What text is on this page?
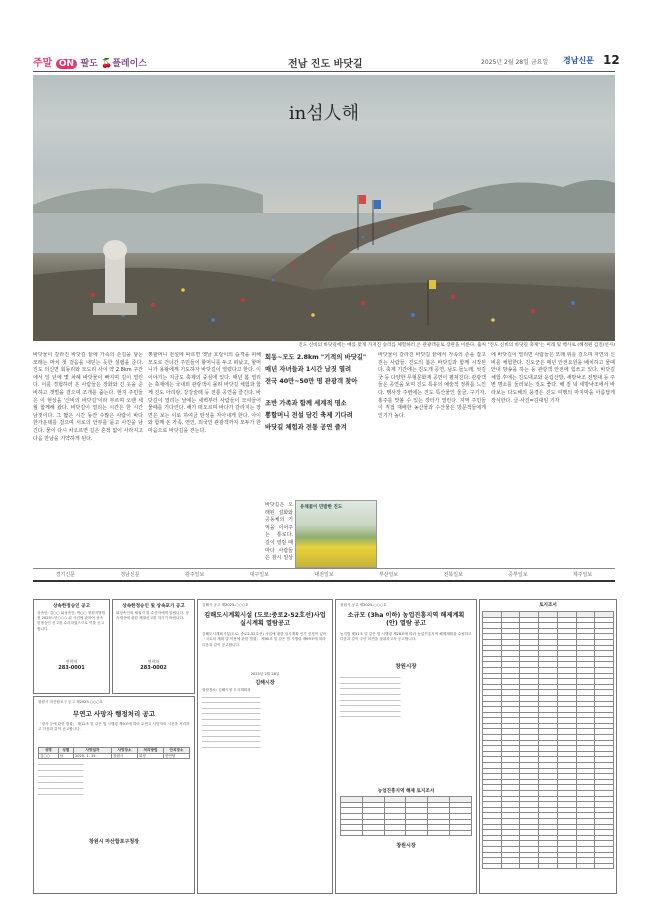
주말 ON 팔도 🍒플레이스	전남 진도 바닷길	2025년 2월 28일 금요일 경남신문 12
in섬人해
진도 신비의 바닷길에는 매를 맞게 가져진 승리를 체험하러 온 관광객들로 장관을 이룬다. 출처 "진도 신비의 바닷길 축제"는 미래 및 행사로 (해정원 김진/선사)

바닷물이 갈라진 바닷길 끝에 가족의 손길을 닿는 모래는 마치 첫 걸음을 내딛는 듯한 설렘을 준다. 진도 의신면 회동리와 모도리 사이 약 2.8km 구간에서 일 년에 몇 차례 바닷물이 빠지며 길이 열린다. 이를 경험하러 온 사람들은 장화와 긴 옷을 준비하고 갯벌을 걸으며 조개를 줍는다. 현지 주민들은 이 현상을 '신비의 바닷길'이라 부르며 오랜 세월 함께해 왔다. 바닷길이 열리는 시간은 한 시간 남짓이다. 그 짧은 시간 동안 수많은 사람이 바다 한가운데를 걸으며 서로의 안부를 묻고 사진을 남긴다. 물이 다시 차오르면 길은 흔적 없이 사라지고 다음 만남을 기약하게 된다.

뽕할머니 전설에 따르면 옛날 호랑이의 습격을 피해 모도로 건너간 주민들이 할머니를 두고 떠났고, 할머니가 용왕에게 기도하자 바닷길이 열렸다고 한다. 이 이야기는 지금도 축제의 중심에 있다. 매년 봄 열리는 축제에는 국내외 관광객이 몰려 바닷길 체험과 함께 진도 아리랑, 강강술래 등 전통 공연을 즐긴다. 바닷길이 열리는 날에는 새벽부터 사람들이 모여들어 물때를 기다린다. 해가 떠오르며 바다가 갈라지는 장면은 보는 이로 하여금 탄성을 자아내게 한다. 아이와 함께 온 가족, 연인, 외국인 관광객까지 모두가 한마음으로 바닷길을 걷는다.

회동~모도 2.8km "기적의 바닷길"
매년 자녀들과 1시간 남짓 열려
전국 40만~50만 명 관광객 찾아
조반 가족과 함께 세계적 명소
뽕할머니 전설 담긴 축제 기다려
바닷길 체험과 전통 공연 즐겨

바닷물이 갈라진 바닷길 끝에서 가족의 손을 잡고 걷는 사람들. 진도의 봄은 바닷길과 함께 시작된다. 축제 기간에는 진도개 공연, 남도 들노래, 씻김굿 등 다양한 무형문화재 공연이 펼쳐진다. 관광객들은 공연을 보며 진도 특유의 예술적 정취를 느낀다. 행사장 주변에는 진도 특산물인 울금, 구기자, 홍주를 맛볼 수 있는 장터가 열린다. 지역 주민들이 직접 재배한 농산물과 수산물은 방문객들에게 인기가 높다.

에 바닷길이 열리면 사람들은 모래 위를 걸으며 자연의 신비를 체험한다. 진도군은 매년 안전요원을 배치하고 물때 안내 방송을 하는 등 관광객 안전에 힘쓰고 있다. 바닷길 체험 후에는 진도대교와 운림산방, 세방낙조 전망대 등 주변 명소를 둘러보는 것도 좋다. 해 질 녘 세방낙조에서 바라보는 다도해의 풍경은 진도 여행의 마지막을 아름답게 장식한다. 글·사진=김대임 기자

유채꽃이 만발한 진도

바닷길은 오래된 설화와 공동체의 기억을 이어주는 통로다. 길이 열릴 때마다 사람들은 잠시 일상

경기신문	경남신문	광주일보	대구일보	대전일보	부산일보	전북일보	중부일보	제주일보
상속한정승인 공고
상속인: 김○○ 피상속인: 박○○ 창원지방법원 2025느단○○○ 위 사건에 관하여 상속한정승인 신고를 수리하였으므로 이를 공고합니다.
연락처
283-0001
상속한정승인 및 상속포기 공고
피상속인의 채권자 및 수증자에게 알립니다. 상속재산에 관한 채권신고를 하시기 바랍니다.
연락처
283-0002
창원시 마산합포구 공고 제2025-○○○호
무연고 사망자 행정처리 공고
「장사 등에 관한 법률」 제12조 및 같은 법 시행령 제9조에 따라 무연고 사망자의 시신을 처리하고 다음과 같이 공고합니다.
성명	성별	사망일자	사망장소	처리방법	안치장소
김○○	남	2025. 1. 15.	창원시	화장	봉안당
─────────────────────
─────────────────────
─────────────────────
─────────────────────
─────────────────────
─────────────────────
창원시 마산합포구청장
김해시 공고 제2025-○○○호
김해도시계획시설 (도로:중로2-52호선)사업 실시계획 열람공고
김해도시계획시설(도로: 중로2-52호선) 사업에 대한 실시계획 인가 신청이 있어 「국토의 계획 및 이용에 관한 법률」 제90조 및 같은 법 시행령 제99조에 따라 다음과 같이 공고합니다.
2025년 2월 28일
김해시장
열람장소: 김해시청 도시계획과
───────────────────────────
───────────────────────────
───────────────────────────
───────────────────────────
───────────────────────────
───────────────────────────
───────────────────────────
───────────────────────────
───────────────────────────
───────────────────────────
창원시 공고 제2025-○○○호
소규모 (3ha 이하) 농업진흥지역 해제계획 (안) 열람 공고
농지법 제31조 및 같은 법 시행령 제28조에 따라 농업진흥지역 해제계획을 수립하고 다음과 같이 주민 의견을 청취하고자 공고합니다.
창원시장
────────────────────────────
────────────────────────────
────────────────────────────
────────────────────────────
────────────────────────────
────────────────────────────
────────────────────────────
────────────────────────────
농업진흥지역 해제 토지조서

창원시장
토지조서
